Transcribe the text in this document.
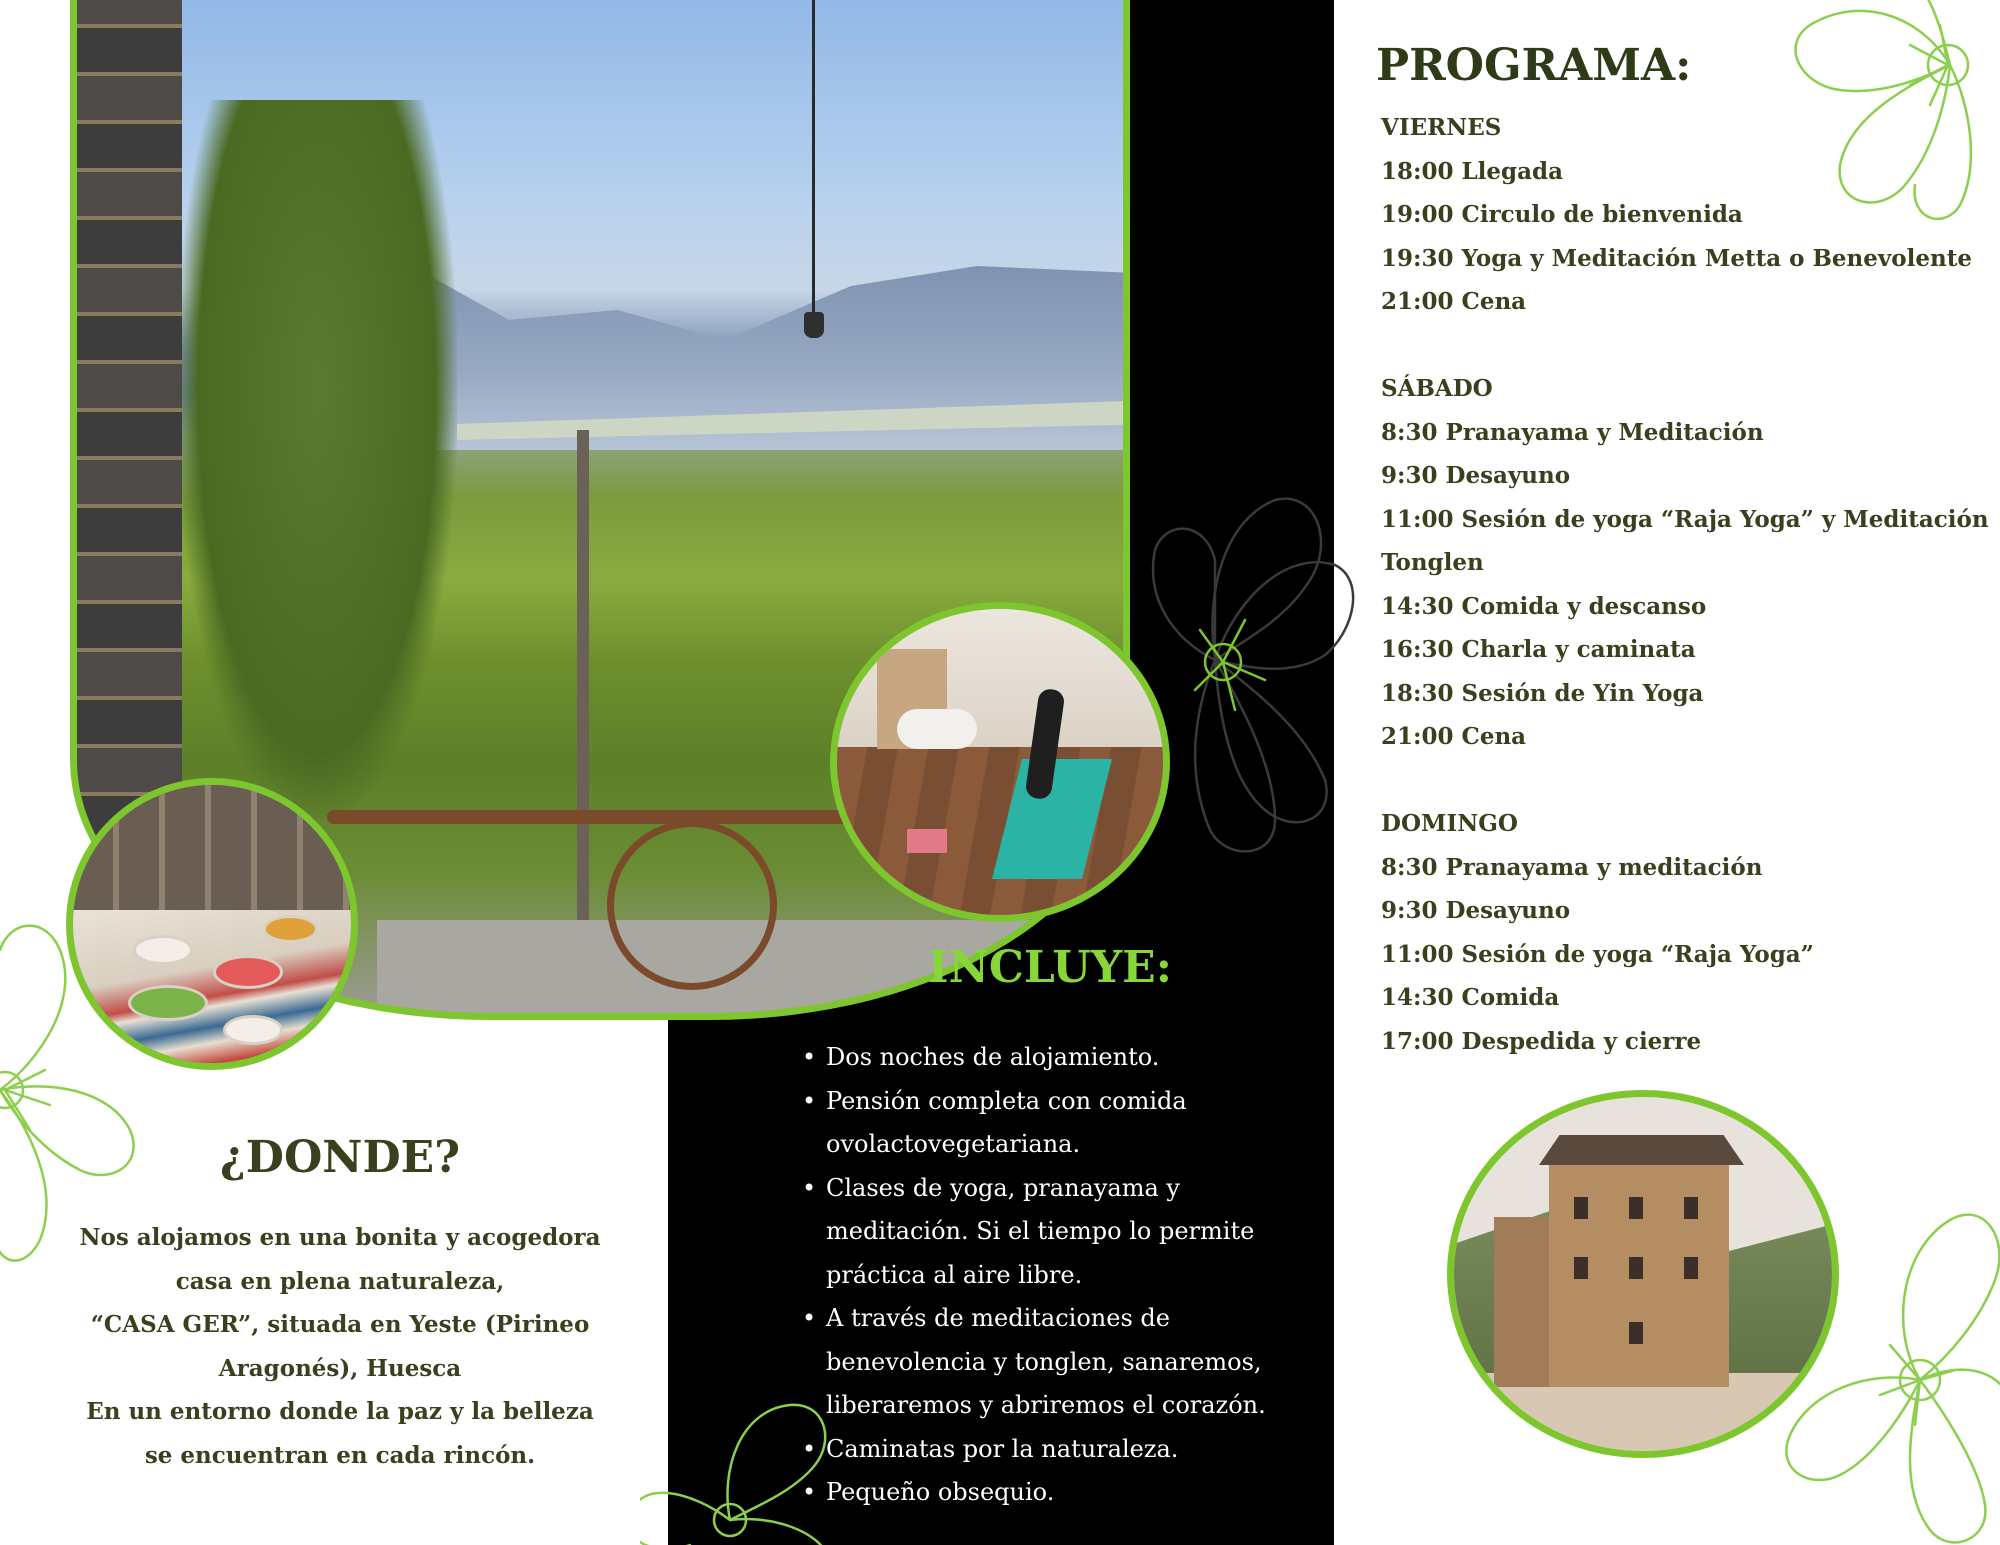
¿DONDE?
Nos alojamos en una bonita y acogedora
casa en plena naturaleza,
“CASA GER”, situada en Yeste (Pirineo
Aragonés), Huesca
En un entorno donde la paz y la belleza
se encuentran en cada rincón.
INCLUYE:
• Dos noches de alojamiento.
• Pensión completa con comida
ovolactovegetariana.
• Clases de yoga, pranayama y
meditación. Si el tiempo lo permite
práctica al aire libre.
• A través de meditaciones de
benevolencia y tonglen, sanaremos,
liberaremos y abriremos el corazón.
• Caminatas por la naturaleza.
• Pequeño obsequio.
PROGRAMA:
VIERNES
18:00 Llegada
19:00 Circulo de bienvenida
19:30 Yoga y Meditación Metta o Benevolente
21:00 Cena
SÁBADO
8:30 Pranayama y Meditación
9:30 Desayuno
11:00 Sesión de yoga “Raja Yoga” y Meditación
Tonglen
14:30 Comida y descanso
16:30 Charla y caminata
18:30 Sesión de Yin Yoga
21:00 Cena
DOMINGO
8:30 Pranayama y meditación
9:30 Desayuno
11:00 Sesión de yoga “Raja Yoga”
14:30 Comida
17:00 Despedida y cierre
